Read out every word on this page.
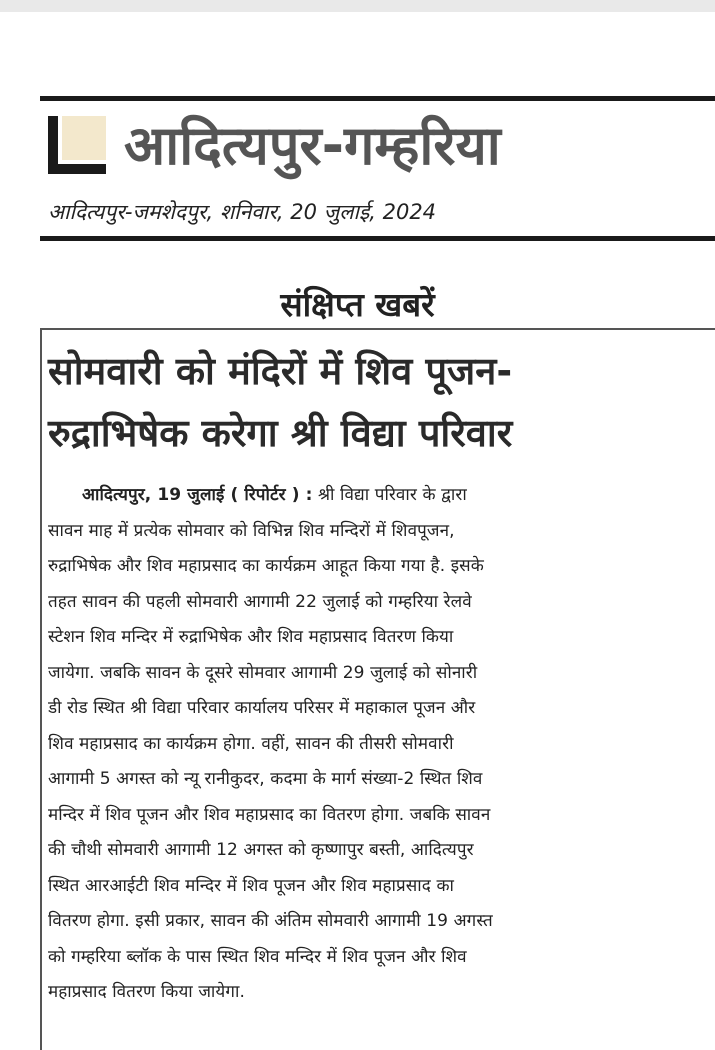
आदित्यपुर-गम्हरिया
आदित्यपुर-जमशेदपुर, शनिवार, 20 जुलाई, 2024
संक्षिप्त खबरें
सोमवारी को मंदिरों में शिव पूजन-
रुद्राभिषेक करेगा श्री विद्या परिवार
आदित्यपुर, 19 जुलाई ( रिपोर्टर ) : श्री विद्या परिवार के द्वारा
सावन माह में प्रत्येक सोमवार को विभिन्न शिव मन्दिरों में शिवपूजन,
रुद्राभिषेक और शिव महाप्रसाद का कार्यक्रम आहूत किया गया है. इसके
तहत सावन की पहली सोमवारी आगामी 22 जुलाई को गम्हरिया रेलवे
स्टेशन शिव मन्दिर में रुद्राभिषेक और शिव महाप्रसाद वितरण किया
जायेगा. जबकि सावन के दूसरे सोमवार आगामी 29 जुलाई को सोनारी
डी रोड स्थित श्री विद्या परिवार कार्यालय परिसर में महाकाल पूजन और
शिव महाप्रसाद का कार्यक्रम होगा. वहीं, सावन की तीसरी सोमवारी
आगामी 5 अगस्त को न्यू रानीकुदर, कदमा के मार्ग संख्या-2 स्थित शिव
मन्दिर में शिव पूजन और शिव महाप्रसाद का वितरण होगा. जबकि सावन
की चौथी सोमवारी आगामी 12 अगस्त को कृष्णापुर बस्ती, आदित्यपुर
स्थित आरआईटी शिव मन्दिर में शिव पूजन और शिव महाप्रसाद का
वितरण होगा. इसी प्रकार, सावन की अंतिम सोमवारी आगामी 19 अगस्त
को गम्हरिया ब्लॉक के पास स्थित शिव मन्दिर में शिव पूजन और शिव
महाप्रसाद वितरण किया जायेगा.
